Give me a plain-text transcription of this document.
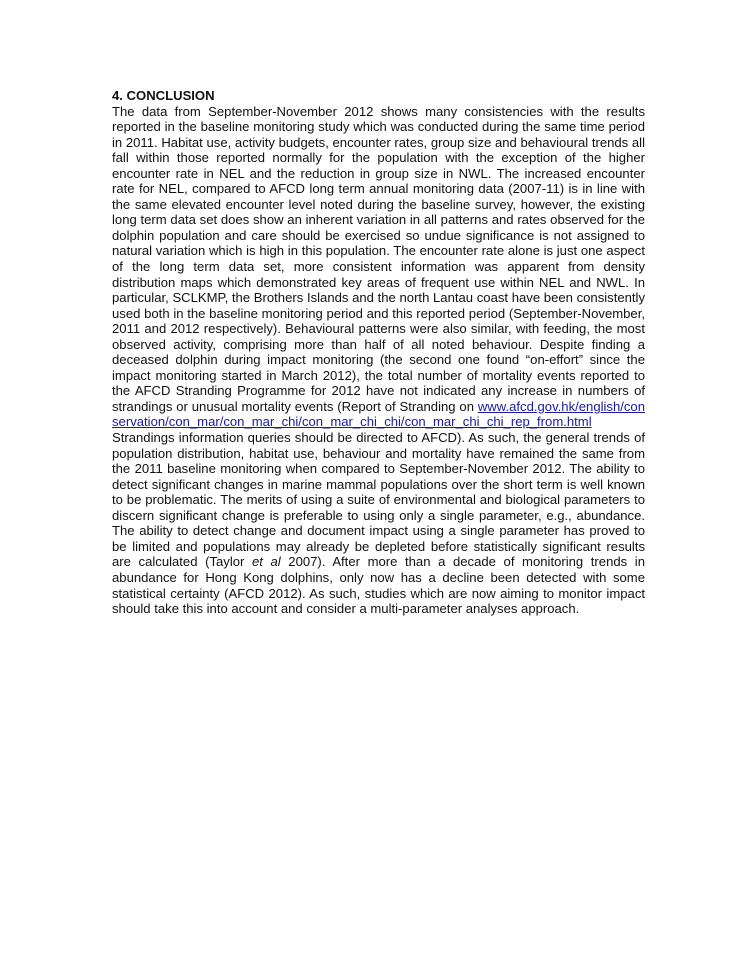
4. CONCLUSION

The data from September-November 2012 shows many consistencies with the results reported in the baseline monitoring study which was conducted during the same time period in 2011. Habitat use, activity budgets, encounter rates, group size and behavioural trends all fall within those reported normally for the population with the exception of the higher encounter rate in NEL and the reduction in group size in NWL. The increased encounter rate for NEL, compared to AFCD long term annual monitoring data (2007-11) is in line with the same elevated encounter level noted during the baseline survey, however, the existing long term data set does show an inherent variation in all patterns and rates observed for the dolphin population and care should be exercised so undue significance is not assigned to natural variation which is high in this population. The encounter rate alone is just one aspect of the long term data set, more consistent information was apparent from density distribution maps which demonstrated key areas of frequent use within NEL and NWL. In particular, SCLKMP, the Brothers Islands and the north Lantau coast have been consistently used both in the baseline monitoring period and this reported period (September-November, 2011 and 2012 respectively). Behavioural patterns were also similar, with feeding, the most observed activity, comprising more than half of all noted behaviour. Despite finding a deceased dolphin during impact monitoring (the second one found “on-effort” since the impact monitoring started in March 2012), the total number of mortality events reported to the AFCD Stranding Programme for 2012 have not indicated any increase in numbers of strandings or unusual mortality events (Report of Stranding on www.afcd.gov.hk/english/conservation/con_mar/con_mar_chi/con_mar_chi_chi/con_mar_chi_chi_rep_from.html Strandings information queries should be directed to AFCD). As such, the general trends of population distribution, habitat use, behaviour and mortality have remained the same from the 2011 baseline monitoring when compared to September-November 2012. The ability to detect significant changes in marine mammal populations over the short term is well known to be problematic. The merits of using a suite of environmental and biological parameters to discern significant change is preferable to using only a single parameter, e.g., abundance. The ability to detect change and document impact using a single parameter has proved to be limited and populations may already be depleted before statistically significant results are calculated (Taylor et al 2007). After more than a decade of monitoring trends in abundance for Hong Kong dolphins, only now has a decline been detected with some statistical certainty (AFCD 2012). As such, studies which are now aiming to monitor impact should take this into account and consider a multi-parameter analyses approach.
